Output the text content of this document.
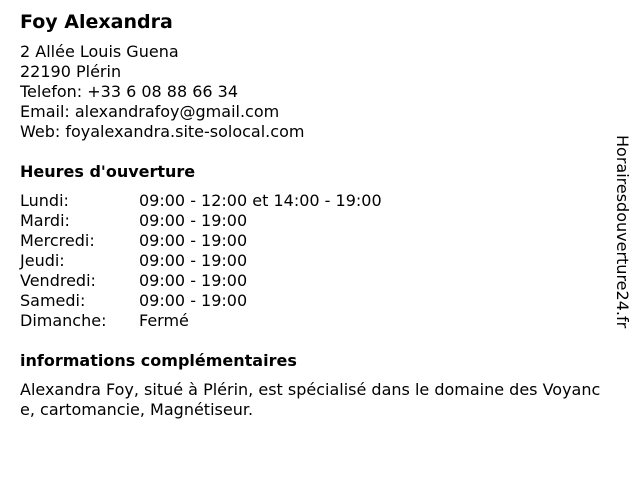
Foy Alexandra
2 Allée Louis Guena
22190 Plérin
Telefon: +33 6 08 88 66 34
Email: alexandrafoy@gmail.com
Web: foyalexandra.site-solocal.com
Heures d'ouverture
Lundi:	09:00 - 12:00 et 14:00 - 19:00
Mardi:	09:00 - 19:00
Mercredi:	09:00 - 19:00
Jeudi:	09:00 - 19:00
Vendredi:	09:00 - 19:00
Samedi:	09:00 - 19:00
Dimanche: Fermé
informations complémentaires
Alexandra Foy, situé à Plérin, est spécialisé dans le domaine des Voyance, cartomancie, Magnétiseur.
Horairesdouverture24.fr
